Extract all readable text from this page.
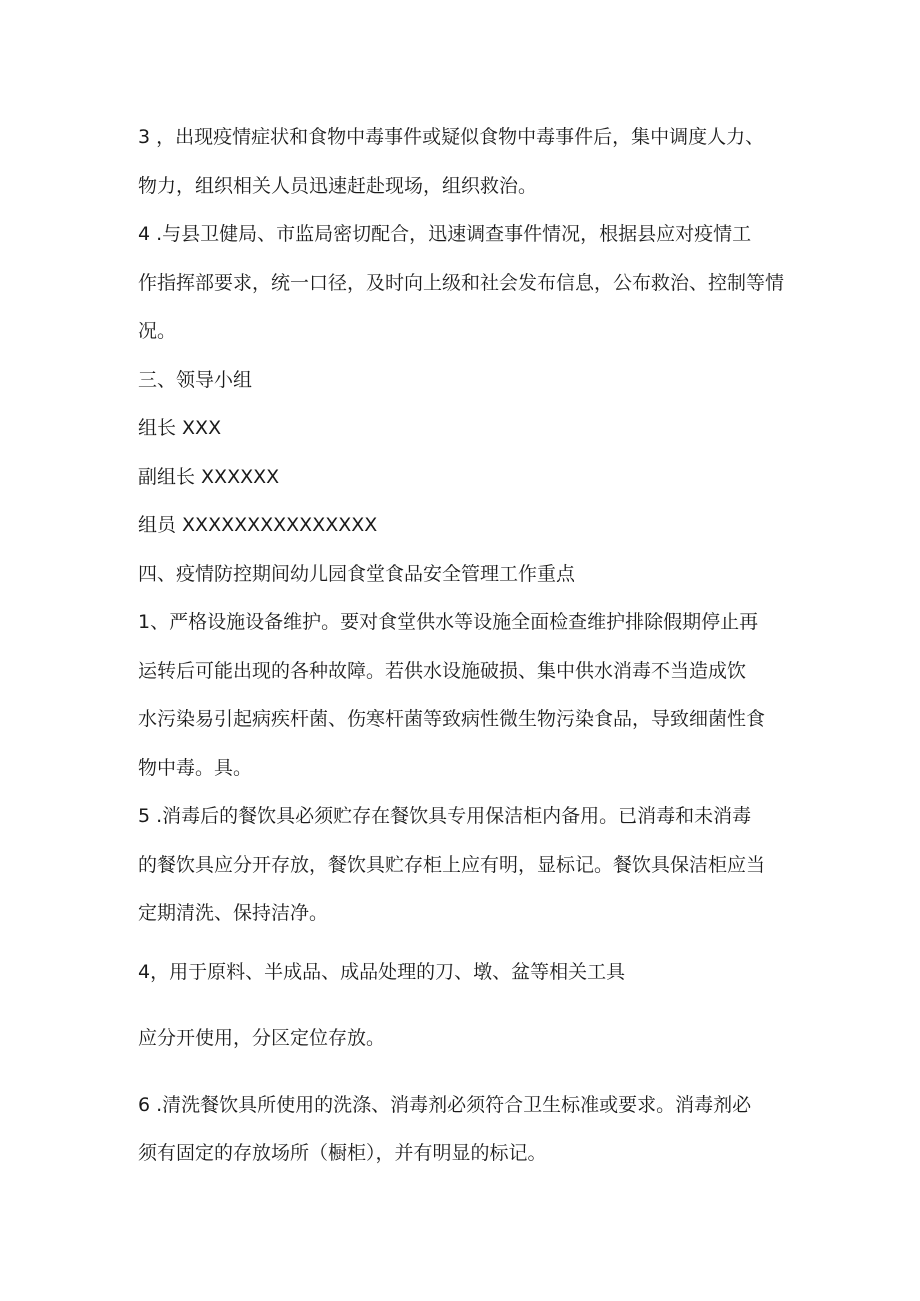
3 ，出现疫情症状和食物中毒事件或疑似食物中毒事件后，集中调度人力、

物力，组织相关人员迅速赶赴现场，组织救治。

4 .与县卫健局、市监局密切配合，迅速调查事件情况，根据县应对疫情工

作指挥部要求，统一口径，及时向上级和社会发布信息，公布救治、控制等情

况。

三、领导小组

组长 XXX

副组长 XXXXXX

组员 XXXXXXXXXXXXXXX

四、疫情防控期间幼儿园食堂食品安全管理工作重点

1、严格设施设备维护。要对食堂供水等设施全面检查维护排除假期停止再

运转后可能出现的各种故障。若供水设施破损、集中供水消毒不当造成饮

水污染易引起病疾杆菌、伤寒杆菌等致病性微生物污染食品，导致细菌性食

物中毒。具。

5 .消毒后的餐饮具必须贮存在餐饮具专用保洁柜内备用。已消毒和未消毒

的餐饮具应分开存放，餐饮具贮存柜上应有明，显标记。餐饮具保洁柜应当

定期清洗、保持洁净。

4，用于原料、半成品、成品处理的刀、墩、盆等相关工具

应分开使用，分区定位存放。

6 .清洗餐饮具所使用的洗涤、消毒剂必须符合卫生标准或要求。消毒剂必

须有固定的存放场所（橱柜），并有明显的标记。
